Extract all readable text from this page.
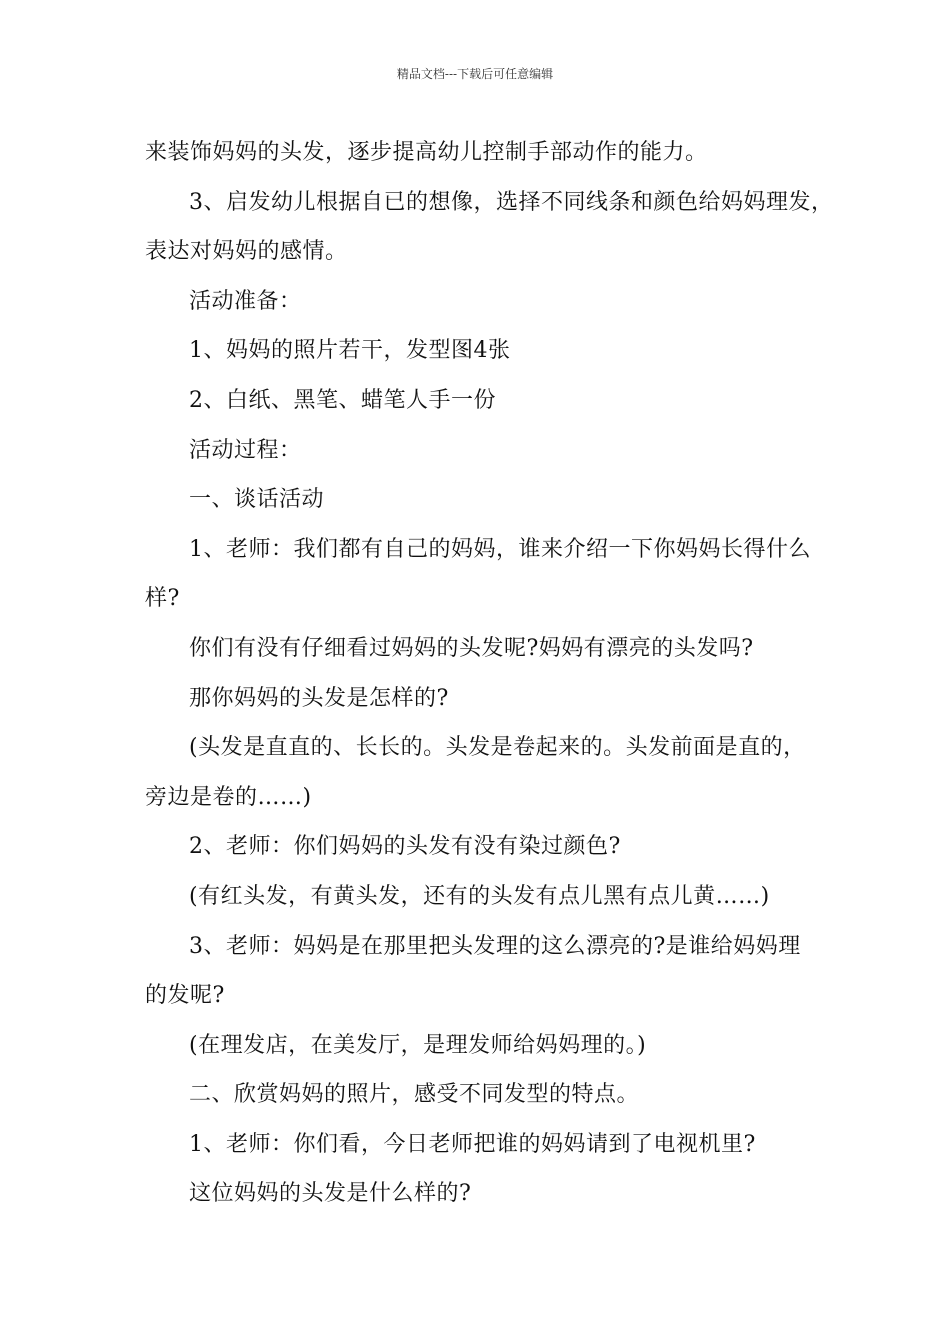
精品文档---下载后可任意编辑
来装饰妈妈的头发，逐步提高幼儿控制手部动作的能力。
3、启发幼儿根据自已的想像，选择不同线条和颜色给妈妈理发，
表达对妈妈的感情。
活动准备：
1、妈妈的照片若干，发型图4张
2、白纸、黑笔、蜡笔人手一份
活动过程：
一、谈话活动
1、老师：我们都有自己的妈妈，谁来介绍一下你妈妈长得什么
样?
你们有没有仔细看过妈妈的头发呢?妈妈有漂亮的头发吗?
那你妈妈的头发是怎样的?
(头发是直直的、长长的。头发是卷起来的。头发前面是直的，
旁边是卷的……)
2、老师：你们妈妈的头发有没有染过颜色?
(有红头发，有黄头发，还有的头发有点儿黑有点儿黄……)
3、老师：妈妈是在那里把头发理的这么漂亮的?是谁给妈妈理
的发呢?
(在理发店，在美发厅，是理发师给妈妈理的。)
二、欣赏妈妈的照片，感受不同发型的特点。
1、老师：你们看，今日老师把谁的妈妈请到了电视机里?
这位妈妈的头发是什么样的?
